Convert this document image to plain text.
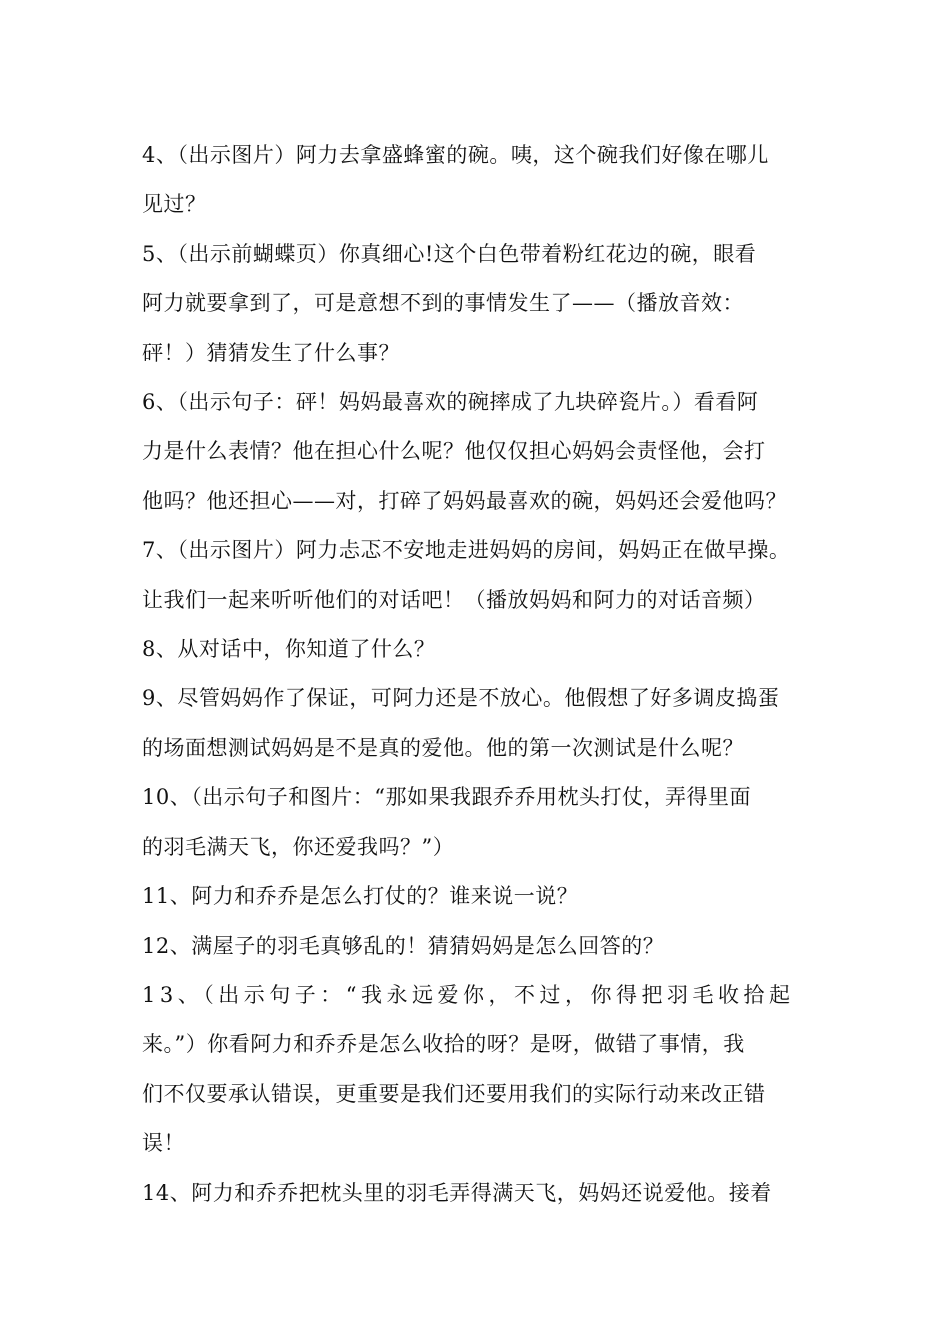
4、（出示图片）阿力去拿盛蜂蜜的碗。咦，这个碗我们好像在哪儿
见过？

5、（出示前蝴蝶页）你真细心!这个白色带着粉红花边的碗，眼看
阿力就要拿到了，可是意想不到的事情发生了——（播放音效：
砰！）猜猜发生了什么事？

6、（出示句子：砰！妈妈最喜欢的碗摔成了九块碎瓷片。）看看阿
力是什么表情？他在担心什么呢？他仅仅担心妈妈会责怪他，会打
他吗？他还担心——对，打碎了妈妈最喜欢的碗，妈妈还会爱他吗？

7、（出示图片）阿力忐忑不安地走进妈妈的房间，妈妈正在做早操。
让我们一起来听听他们的对话吧！（播放妈妈和阿力的对话音频）

8、从对话中，你知道了什么？

9、尽管妈妈作了保证，可阿力还是不放心。他假想了好多调皮捣蛋
的场面想测试妈妈是不是真的爱他。他的第一次测试是什么呢？

10、（出示句子和图片：“那如果我跟乔乔用枕头打仗，弄得里面
的羽毛满天飞，你还爱我吗？”）

11、阿力和乔乔是怎么打仗的？谁来说一说？

12、满屋子的羽毛真够乱的！猜猜妈妈是怎么回答的？

13、（出示句子：“我永远爱你，不过，你得把羽毛收拾起
来。”）你看阿力和乔乔是怎么收拾的呀？是呀，做错了事情，我
们不仅要承认错误，更重要是我们还要用我们的实际行动来改正错
误！

14、阿力和乔乔把枕头里的羽毛弄得满天飞，妈妈还说爱他。接着
